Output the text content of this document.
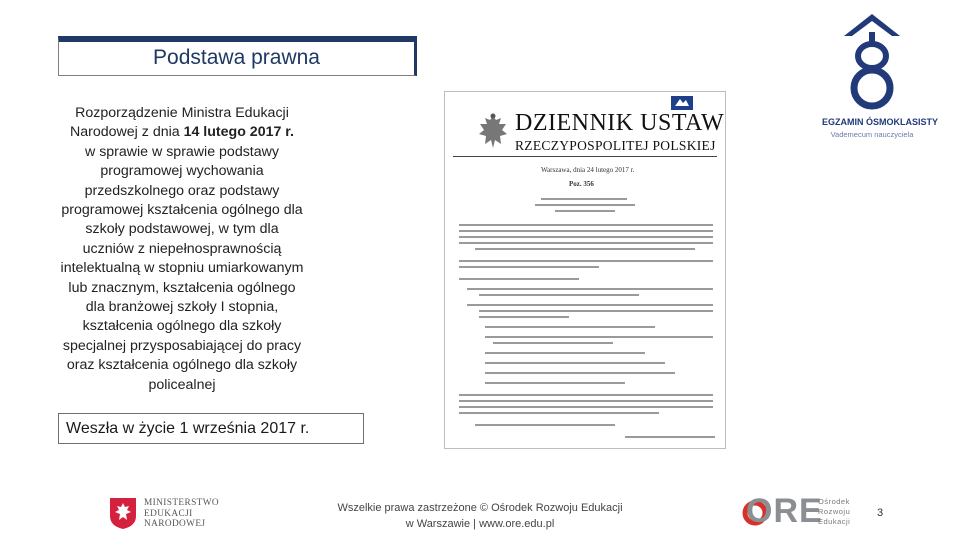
Podstawa prawna
Rozporządzenie Ministra Edukacji
Narodowej z dnia 14 lutego 2017 r.
w sprawie w sprawie podstawy
programowej wychowania
przedszkolnego oraz podstawy
programowej kształcenia ogólnego dla
szkoły podstawowej, w tym dla
uczniów z niepełnosprawnością
intelektualną w stopniu umiarkowanym
lub znacznym, kształcenia ogólnego
dla branżowej szkoły I stopnia,
kształcenia ogólnego dla szkoły
specjalnej przysposabiającej do pracy
oraz kształcenia ogólnego dla szkoły
policealnej
Weszła w życie 1 września 2017 r.
DZIENNIK USTAW
RZECZYPOSPOLITEJ POLSKIEJ
Warszawa, dnia 24 lutego 2017 r.
Poz. 356
EGZAMIN ÓSMOKLASISTY
Vademecum nauczyciela
MINISTERSTWO
EDUKACJI
NARODOWEJ
Wszelkie prawa zastrzeżone © Ośrodek Rozwoju Edukacji
w Warszawie | www.ore.edu.pl	ORE
Ośrodek
Rozwoju
Edukacji
3
